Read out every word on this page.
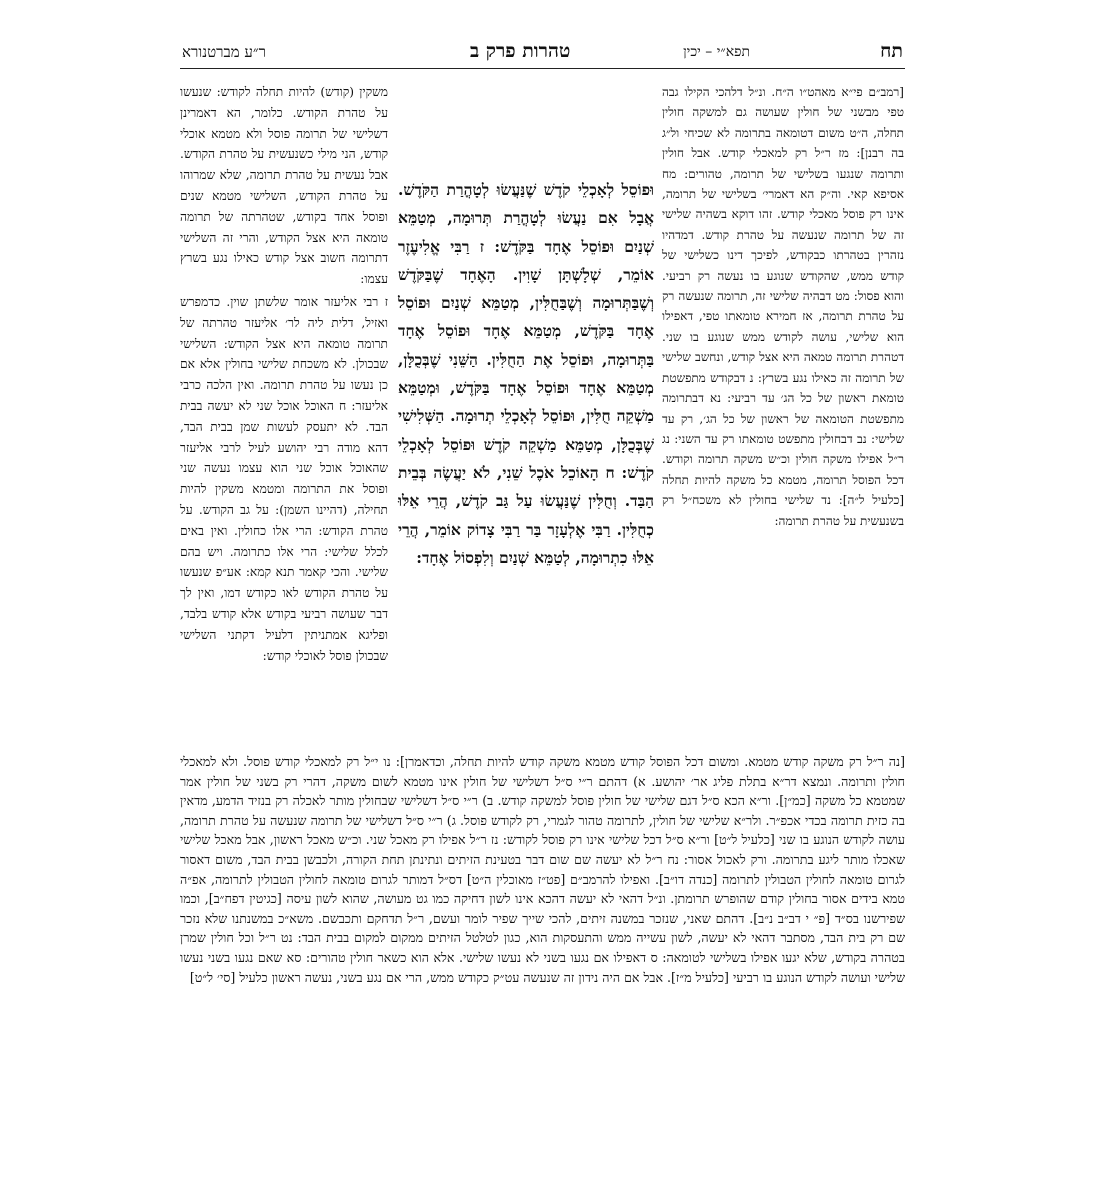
תח
תפא״י – יכין
טהרות פרק ב
ר״ע מברטנורא

[רמב״ם פי״א מאהט״ו ה״ח. ונ״ל דלהכי הקילו גבה טפי מבשני של חולין שעושה גם למשקה חולין תחלה, ה״ט משום דטומאה בתרומה לא שכיחי ול״ג בה רבנן]: מז ר״ל רק למאכלי קודש. אבל חולין ותרומה שנגעו בשלישי של תרומה, טהורים: מח אסיפא קאי. וה״ק הא דאמרי׳ בשלישי של תרומה, אינו רק פוסל מאכלי קודש. זהו דוקא בשהיה שלישי זה של תרומה שנעשה על טהרת קודש. דמדהיו נזהרין בטהרתו כבקודש, לפיכך דינו כשלישי של קודש ממש, שהקודש שנוגע בו נעשה רק רביעי. והוא פסול: מט דבהיה שלישי זה, תרומה שנעשה רק על טהרת תרומה, אז חמירא טומאתו טפי, דאפילו הוא שלישי, עושה לקודש ממש שנוגע בו שני. דטהרת תרומה טמאה היא אצל קודש, ונחשב שלישי של תרומה זה כאילו נגע בשרץ: נ דבקודש מתפשטת טומאת ראשון של כל הג׳ עד רביעי: נא דבתרומה מתפשטת הטומאה של ראשון של כל הג׳, רק עד שלישי: נב דבחולין מתפשט טומאתו רק עד השני: נג ר״ל אפילו משקה חולין וכ״ש משקה תרומה וקודש. דכל הפוסל תרומה, מטמא כל משקה להיות תחלה [כלעיל ל״ה]: נד שלישי בחולין לא משכח״ל רק בשנעשית על טהרת תרומה:

וּפוֹסֵל לְאָכְלֵי קֹדֶשׁ שֶׁנַּעֲשׂוּ לְטָהֳרַת הַקֹּדֶשׁ. אֲבָל אִם נַעֲשׂוּ לְטָהֳרַת תְּרוּמָה, מְטַמֵּא שְׁנַיִם וּפוֹסֵל אֶחָד בַּקֹּדֶשׁ: ז רַבִּי אֱלִיעֶזֶר אוֹמֵר, שְׁלָשְׁתָּן שָׁוִין. הָאֶחָד שֶׁבַּקֹּדֶשׁ וְשֶׁבַּתְּרוּמָה וְשֶׁבַּחֻלִּין, מְטַמֵּא שְׁנַיִם וּפוֹסֵל אֶחָד בַּקֹּדֶשׁ, מְטַמֵּא אֶחָד וּפוֹסֵל אֶחָד בַּתְּרוּמָה, וּפוֹסֵל אֶת הַחֻלִּין. הַשֵּׁנִי שֶׁבְּכֻלָּן, מְטַמֵּא אֶחָד וּפוֹסֵל אֶחָד בַּקֹּדֶשׁ, וּמְטַמֵּא מַשְׁקֵה חֻלִּין, וּפוֹסֵל לְאָכְלֵי תְרוּמָה. הַשְּׁלִישִׁי שֶׁבְּכֻלָּן, מְטַמֵּא מַשְׁקֵה קֹדֶשׁ וּפוֹסֵל לְאָכְלֵי קֹדֶשׁ: ח הָאוֹכֵל אֹכֶל שֵׁנִי, לֹא יַעֲשֶׂה בְּבֵית הַבַּד. וְחֻלִּין שֶׁנַּעֲשׂוּ עַל גַּב קֹדֶשׁ, הֲרֵי אֵלּוּ כְחֻלִּין. רַבִּי אֶלְעָזָר בַּר רַבִּי צָדוֹק אוֹמֵר, הֲרֵי אֵלּוּ כִתְרוּמָה, לְטַמֵּא שְׁנַיִם וְלִפְסוֹל אֶחָד:

משקין (קודש) להיות תחלה לקודש: שנעשו על טהרת הקודש. כלומר, הא דאמרינן דשלישי של תרומה פוסל ולא מטמא אוכלי קודש, הני מילי כשנעשית על טהרת הקודש. אבל נעשית על טהרת תרומה, שלא שמרוהו על טהרת הקודש, השלישי מטמא שנים ופוסל אחד בקודש, שטהרתה של תרומה טומאה היא אצל הקודש, והרי זה השלישי דתרומה חשוב אצל קודש כאילו נגע בשרץ עצמו:

ז רבי אליעזר אומר שלשתן שוין. כדמפרש ואזיל, דלית ליה לר׳ אליעזר טהרתה של תרומה טומאה היא אצל הקודש: השלישי שבכולן. לא משכחת שלישי בחולין אלא אם כן נעשו על טהרת תרומה. ואין הלכה כרבי אליעזר: ח האוכל אוכל שני לא יעשה בבית הבד. לא יתעסק לעשות שמן בבית הבד, דהא מודה רבי יהושע לעיל לרבי אליעזר שהאוכל אוכל שני הוא עצמו נעשה שני ופוסל את התרומה ומטמא משקין להיות תחילה, (דהיינו השמן): על גב הקודש. על טהרת הקודש: הרי אלו כחולין. ואין באים לכלל שלישי: הרי אלו כתרומה. ויש בהם שלישי. והכי קאמר תנא קמא: אע״פ שנעשו על טהרת הקודש לאו כקודש דמו, ואין לך דבר שעושה רביעי בקודש אלא קודש בלבד, ופליגא אמתניתין דלעיל דקתני השלישי שבכולן פוסל לאוכלי קודש:

[נה ר״ל רק משקה קודש מטמא. ומשום דכל הפוסל קודש מטמא משקה קודש להיות תחלה, וכדאמרן]: נו י״ל רק למאכלי קודש פוסל. ולא למאכלי חולין ותרומה. ונמצא דר״א בתלת פליג אר׳ יהושע. א) דהתם ר״י ס״ל דשלישי של חולין אינו מטמא לשום משקה, דהרי רק בשני של חולין אמר שמטמא כל משקה [כמ״ן]. ור״א הכא ס״ל דגם שלישי של חולין פוסל למשקה קודש. ב) ר״י ס״ל דשלישי שבחולין מותר לאכלה רק בנזיד הדמע, מדאין בה כזית תרומה בכדי אכפ״ר. ולר״א שלישי של חולין, לתרומה טהור לגמרי, רק לקודש פוסל. ג) ר״י ס״ל דשלישי של תרומה שנעשה על טהרת תרומה, עושה לקודש הנוגע בו שני [כלעיל ל״ט] ור״א ס״ל דכל שלישי אינו רק פוסל לקודש: נז ר״ל אפילו רק מאכל שני. וכ״ש מאכל ראשון, אבל מאכל שלישי שאכלו מותר ליגע בתרומה. ורק לאכול אסור: נח ר״ל לא יעשה שם שום דבר בטעינת הזיתים ונתינתן תחת הקורה, ולכבשן בבית הבד, משום דאסור לגרום טומאה לחולין הטבולין לתרומה [כנדה דו״ב]. ואפילו להרמב״ם [פט״ז מאוכלין ה״ט] דס״ל דמותר לגרום טומאה לחולין הטבולין לתרומה, אפ״ה טמא בידים אסור בחולין קודם שהופרש תרומתן. ונ״ל דהאי לא יעשה דהכא אינו לשון דחיקה כמו גט מעושה, שהוא לשון עיסה [כגיטין דפח״ב], וכמו שפירשנו בס״ד [פ״ י דב״ב נ״ב]. דהתם שאני, שנזכר במשנה זיתים, להכי שייך שפיר לומר ועשם, ר״ל תדחקם ותכבשם. משא״כ במשנתנו שלא נזכר שם רק בית הבד, מסתבר דהאי לא יעשה, לשון עשייה ממש והתעסקות הוא, כגון לטלטל הזיתים ממקום למקום בבית הבד: נט ר״ל וכל חולין שמרן בטהרה בקודש, שלא יגעו אפילו בשלישי לטומאה: ס דאפילו אם נגעו בשני לא נעשו שלישי. אלא הוא כשאר חולין טהורים: סא שאם נגעו בשני נעשו שלישי ועושה לקודש הנוגע בו רביעי [כלעיל מ״ז]. אבל אם היה נידון זה שנעשה עט״ק כקודש ממש, הרי אם נגע בשני, נעשה ראשון כלעיל [סי׳ ל״ט]
